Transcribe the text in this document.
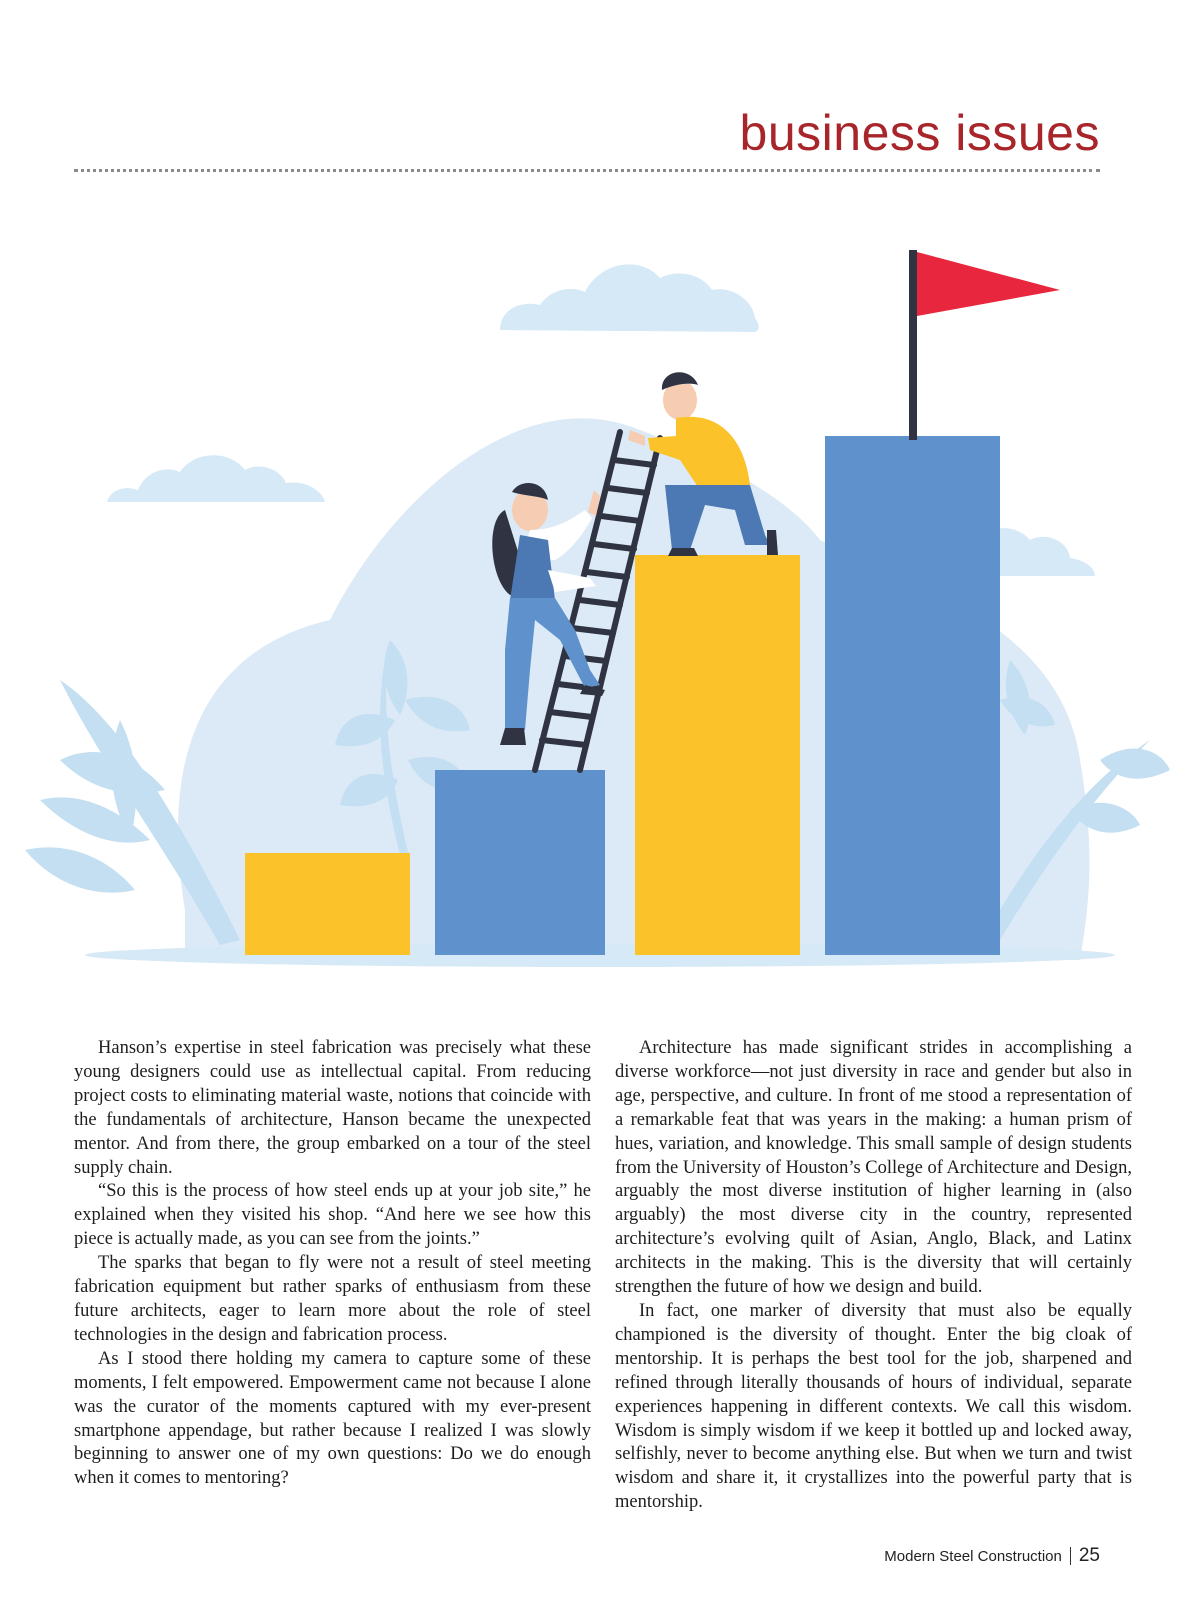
business issues

Hanson’s expertise in steel fabrication was precisely what these young designers could use as intellectual capital. From reducing project costs to eliminating material waste, notions that coincide with the fundamentals of architecture, Hanson became the unexpected mentor. And from there, the group embarked on a tour of the steel supply chain.

“So this is the process of how steel ends up at your job site,” he explained when they visited his shop. “And here we see how this piece is actually made, as you can see from the joints.”

The sparks that began to fly were not a result of steel meeting fabrication equipment but rather sparks of enthusiasm from these future architects, eager to learn more about the role of steel technologies in the design and fabrication process.

As I stood there holding my camera to capture some of these moments, I felt empowered. Empowerment came not because I alone was the curator of the moments captured with my ever-present smartphone appendage, but rather because I realized I was slowly beginning to answer one of my own questions: Do we do enough when it comes to mentoring?

Architecture has made significant strides in accomplishing a diverse workforce—not just diversity in race and gender but also in age, perspective, and culture. In front of me stood a representation of a remarkable feat that was years in the making: a human prism of hues, variation, and knowledge. This small sample of design students from the University of Houston’s College of Architecture and Design, arguably the most diverse institution of higher learning in (also arguably) the most diverse city in the country, represented architecture’s evolving quilt of Asian, Anglo, Black, and Latinx architects in the making. This is the diversity that will certainly strengthen the future of how we design and build.

In fact, one marker of diversity that must also be equally championed is the diversity of thought. Enter the big cloak of mentorship. It is perhaps the best tool for the job, sharpened and refined through literally thousands of hours of individual, separate experiences happening in different contexts. We call this wisdom. Wisdom is simply wisdom if we keep it bottled up and locked away, selfishly, never to become anything else. But when we turn and twist wisdom and share it, it crystallizes into the powerful party that is mentorship.

Modern Steel Construction 25
